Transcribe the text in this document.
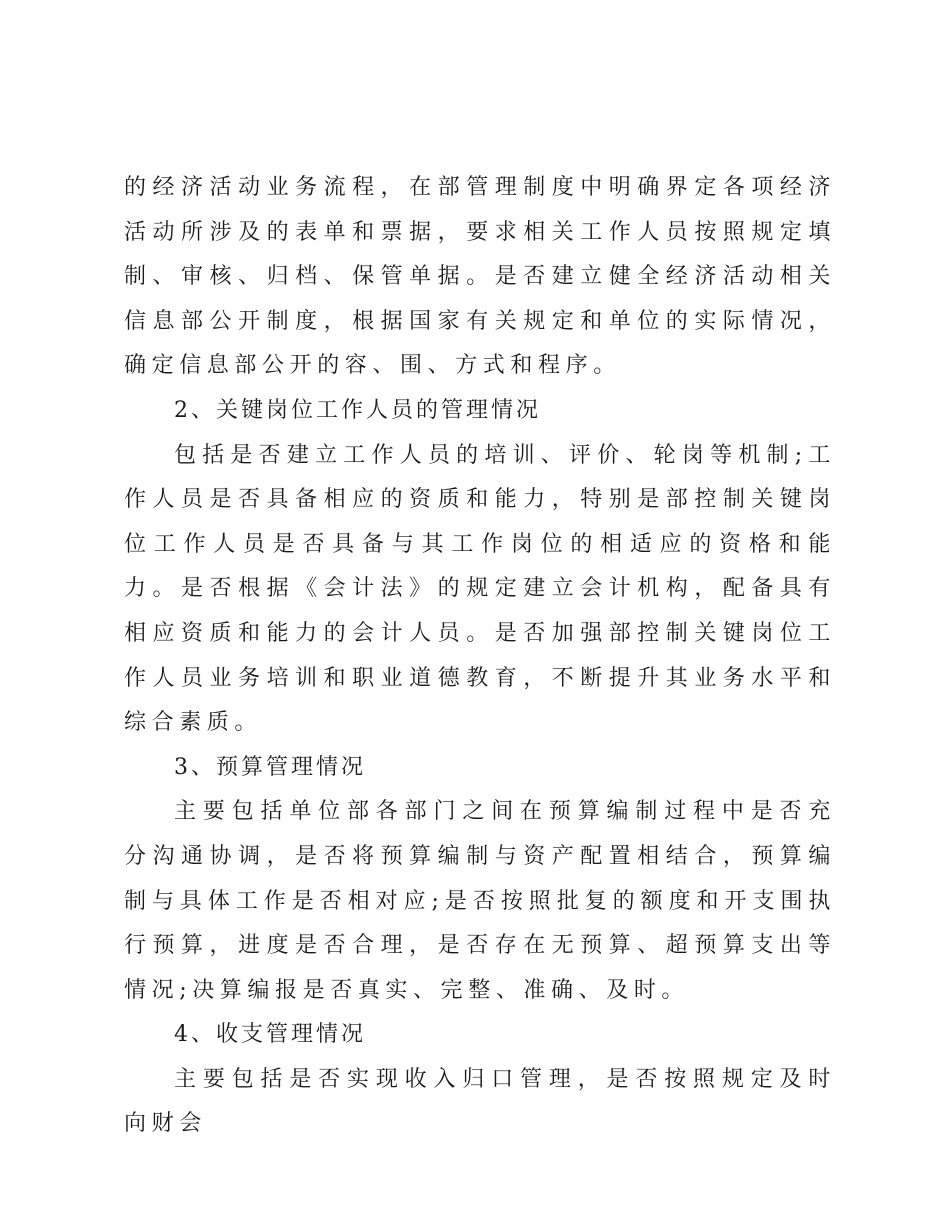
的经济活动业务流程，在部管理制度中明确界定各项经济活动所涉及的表单和票据，要求相关工作人员按照规定填制、审核、归档、保管单据。是否建立健全经济活动相关信息部公开制度，根据国家有关规定和单位的实际情况，确定信息部公开的容、围、方式和程序。

2、关键岗位工作人员的管理情况

包括是否建立工作人员的培训、评价、轮岗等机制;工作人员是否具备相应的资质和能力，特别是部控制关键岗位工作人员是否具备与其工作岗位的相适应的资格和能力。是否根据《会计法》的规定建立会计机构，配备具有相应资质和能力的会计人员。是否加强部控制关键岗位工作人员业务培训和职业道德教育，不断提升其业务水平和综合素质。

3、预算管理情况

主要包括单位部各部门之间在预算编制过程中是否充分沟通协调，是否将预算编制与资产配置相结合，预算编制与具体工作是否相对应;是否按照批复的额度和开支围执行预算，进度是否合理，是否存在无预算、超预算支出等情况;决算编报是否真实、完整、准确、及时。

4、收支管理情况

主要包括是否实现收入归口管理，是否按照规定及时向财会
